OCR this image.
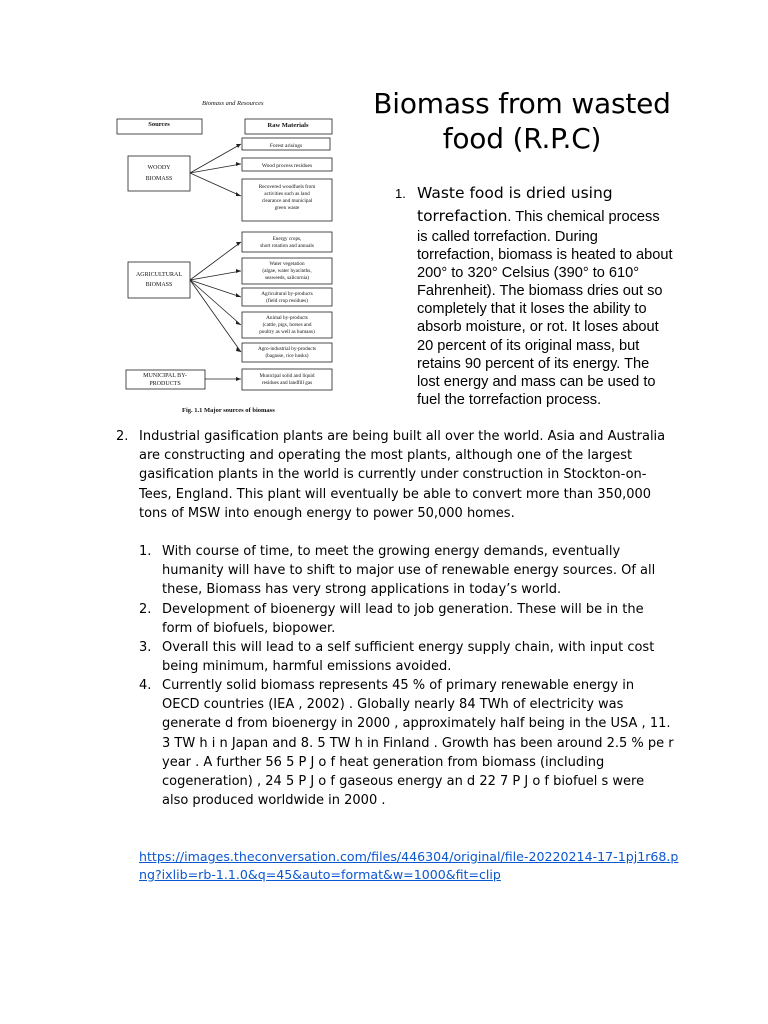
Biomass from wasted food (R.P.C)
Biomass and Resources
Sources	Raw Materials
WOODY
BIOMASS
AGRICULTURAL
BIOMASS
MUNICIPAL BY-
PRODUCTS
Forest arisings
Wood process residues
Recovered woodfuels from
activities such as land
clearance and municipal
green waste
Energy crops,
short rotation and annuals
Water vegetation
(algae, water hyacinths,
seaweeds, salicornia)
Agricultural by-products
(field crop residues)
Animal by-products
(cattle, pigs, horses and
poultry as well as humans)
Agro-industrial by-products
(bagasse, rice husks)
Municipal solid and liquid
residues and landfill gas
Fig. 1.1 Major sources of biomass
1. Waste food is dried using torrefaction. This chemical process is called torrefaction. During torrefaction, biomass is heated to about 200° to 320° Celsius (390° to 610° Fahrenheit). The biomass dries out so completely that it loses the ability to absorb moisture, or rot. It loses about 20 percent of its original mass, but retains 90 percent of its energy. The lost energy and mass can be used to fuel the torrefaction process.
2. Industrial gasification plants are being built all over the world. Asia and Australia are constructing and operating the most plants, although one of the largest gasification plants in the world is currently under construction in Stockton-on-Tees, England. This plant will eventually be able to convert more than 350,000 tons of MSW into enough energy to power 50,000 homes.
1. With course of time, to meet the growing energy demands, eventually humanity will have to shift to major use of renewable energy sources. Of all these, Biomass has very strong applications in today’s world.
2. Development of bioenergy will lead to job generation. These will be in the form of biofuels, biopower.
3. Overall this will lead to a self sufficient energy supply chain, with input cost being minimum, harmful emissions avoided.
4. Currently solid biomass represents 45 % of primary renewable energy in OECD countries (IEA , 2002) . Globally nearly 84 TWh of electricity was generate d from bioenergy in 2000 , approximately half being in the USA , 11. 3 TW h i n Japan and 8. 5 TW h in Finland . Growth has been around 2.5 % pe r year . A further 56 5 P J o f heat generation from biomass (including cogeneration) , 24 5 P J o f gaseous energy an d 22 7 P J o f biofuel s were also produced worldwide in 2000 .
https://images.theconversation.com/files/446304/original/file-20220214-17-1pj1r68.png?ixlib=rb-1.1.0&q=45&auto=format&w=1000&fit=clip
